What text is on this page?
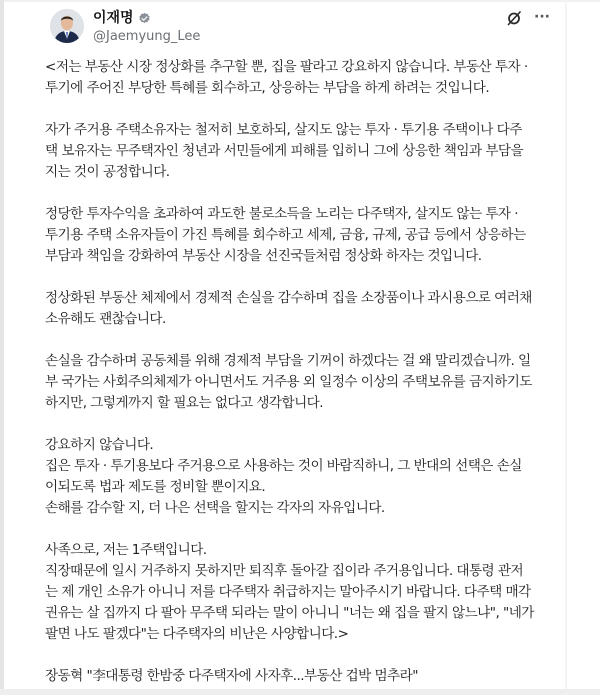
이재명
@Jaemyung_Lee
···
<저는 부동산 시장 정상화를 추구할 뿐, 집을 팔라고 강요하지 않습니다. 부동산 투자 ·
투기에 주어진 부당한 특혜를 회수하고, 상응하는 부담을 하게 하려는 것입니다.
자가 주거용 주택소유자는 철저히 보호하되, 살지도 않는 투자 · 투기용 주택이나 다주
택 보유자는 무주택자인 청년과 서민들에게 피해를 입히니 그에 상응한 책임과 부담을
지는 것이 공정합니다.
정당한 투자수익을 초과하여 과도한 불로소득을 노리는 다주택자, 살지도 않는 투자 ·
투기용 주택 소유자들이 가진 특혜를 회수하고 세제, 금융, 규제, 공급 등에서 상응하는
부담과 책임을 강화하여 부동산 시장을 선진국들처럼 정상화 하자는 것입니다.
정상화된 부동산 체제에서 경제적 손실을 감수하며 집을 소장품이나 과시용으로 여러채
소유해도 괜찮습니다.
손실을 감수하며 공동체를 위해 경제적 부담을 기꺼이 하겠다는 걸 왜 말리겠습니까. 일
부 국가는 사회주의체제가 아니면서도 거주용 외 일정수 이상의 주택보유를 금지하기도
하지만, 그렇게까지 할 필요는 없다고 생각합니다.
강요하지 않습니다.
집은 투자 · 투기용보다 주거용으로 사용하는 것이 바람직하니, 그 반대의 선택은 손실
이되도록 법과 제도를 정비할 뿐이지요.
손해를 감수할 지, 더 나은 선택을 할지는 각자의 자유입니다.
사족으로, 저는 1주택입니다.
직장때문에 일시 거주하지 못하지만 퇴직후 돌아갈 집이라 주거용입니다. 대통령 관저
는 제 개인 소유가 아니니 저를 다주택자 취급하지는 말아주시기 바랍니다. 다주택 매각
권유는 살 집까지 다 팔아 무주택 되라는 말이 아니니 "너는 왜 집을 팔지 않느냐", "네가
팔면 나도 팔겠다"는 다주택자의 비난은 사양합니다.>
장동혁 "李대통령 한밤중 다주택자에 사자후...부동산 겁박 멈추라"
